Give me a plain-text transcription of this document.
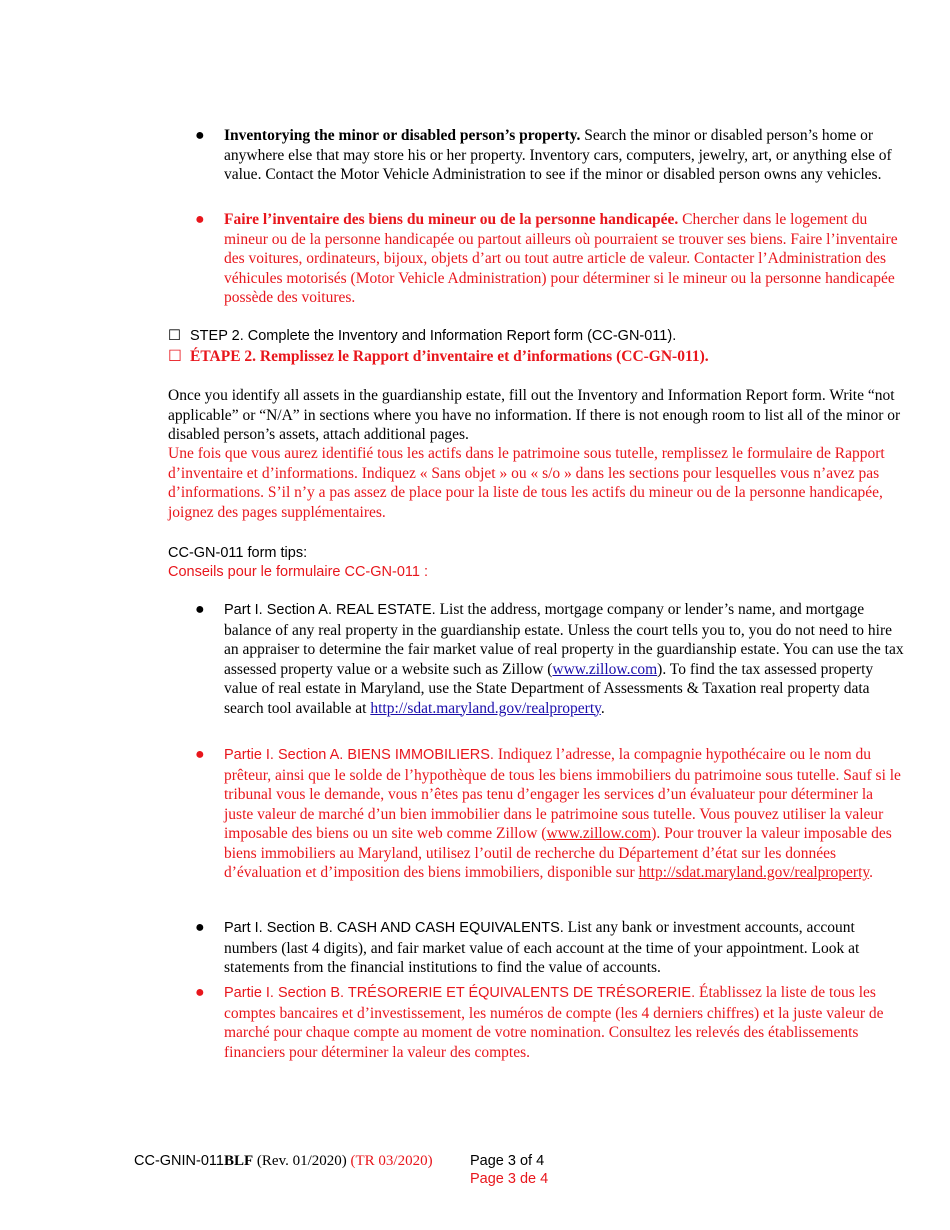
● Inventorying the minor or disabled person’s property. Search the minor or disabled person’s home or anywhere else that may store his or her property. Inventory cars, computers, jewelry, art, or anything else of value. Contact the Motor Vehicle Administration to see if the minor or disabled person owns any vehicles.
● Faire l’inventaire des biens du mineur ou de la personne handicapée. Chercher dans le logement du mineur ou de la personne handicapée ou partout ailleurs où pourraient se trouver ses biens. Faire l’inventaire des voitures, ordinateurs, bijoux, objets d’art ou tout autre article de valeur. Contacter l’Administration des véhicules motorisés (Motor Vehicle Administration) pour déterminer si le mineur ou la personne handicapée possède des voitures.
☐ STEP 2. Complete the Inventory and Information Report form (CC-GN-011).
☐ ÉTAPE 2. Remplissez le Rapport d’inventaire et d’informations (CC-GN-011).
Once you identify all assets in the guardianship estate, fill out the Inventory and Information Report form. Write “not applicable” or “N/A” in sections where you have no information. If there is not enough room to list all of the minor or disabled person’s assets, attach additional pages.
Une fois que vous aurez identifié tous les actifs dans le patrimoine sous tutelle, remplissez le formulaire de Rapport d’inventaire et d’informations. Indiquez « Sans objet » ou « s/o » dans les sections pour lesquelles vous n’avez pas d’informations. S’il n’y a pas assez de place pour la liste de tous les actifs du mineur ou de la personne handicapée, joignez des pages supplémentaires.
CC-GN-011 form tips:
Conseils pour le formulaire CC-GN-011 :
● Part I. Section A. REAL ESTATE. List the address, mortgage company or lender’s name, and mortgage balance of any real property in the guardianship estate. Unless the court tells you to, you do not need to hire an appraiser to determine the fair market value of real property in the guardianship estate. You can use the tax assessed property value or a website such as Zillow (www.zillow.com). To find the tax assessed property value of real estate in Maryland, use the State Department of Assessments & Taxation real property data search tool available at http://sdat.maryland.gov/realproperty.
● Partie I. Section A. BIENS IMMOBILIERS. Indiquez l’adresse, la compagnie hypothécaire ou le nom du prêteur, ainsi que le solde de l’hypothèque de tous les biens immobiliers du patrimoine sous tutelle. Sauf si le tribunal vous le demande, vous n’êtes pas tenu d’engager les services d’un évaluateur pour déterminer la juste valeur de marché d’un bien immobilier dans le patrimoine sous tutelle. Vous pouvez utiliser la valeur imposable des biens ou un site web comme Zillow (www.zillow.com). Pour trouver la valeur imposable des biens immobiliers au Maryland, utilisez l’outil de recherche du Département d’état sur les données d’évaluation et d’imposition des biens immobiliers, disponible sur http://sdat.maryland.gov/realproperty.
● Part I. Section B. CASH AND CASH EQUIVALENTS. List any bank or investment accounts, account numbers (last 4 digits), and fair market value of each account at the time of your appointment. Look at statements from the financial institutions to find the value of accounts.
● Partie I. Section B. TRÉSORERIE ET ÉQUIVALENTS DE TRÉSORERIE. Établissez la liste de tous les comptes bancaires et d’investissement, les numéros de compte (les 4 derniers chiffres) et la juste valeur de marché pour chaque compte au moment de votre nomination. Consultez les relevés des établissements financiers pour déterminer la valeur des comptes.
CC-GNIN-011BLF (Rev. 01/2020) (TR 03/2020)	Page 3 of 4
Page 3 de 4
